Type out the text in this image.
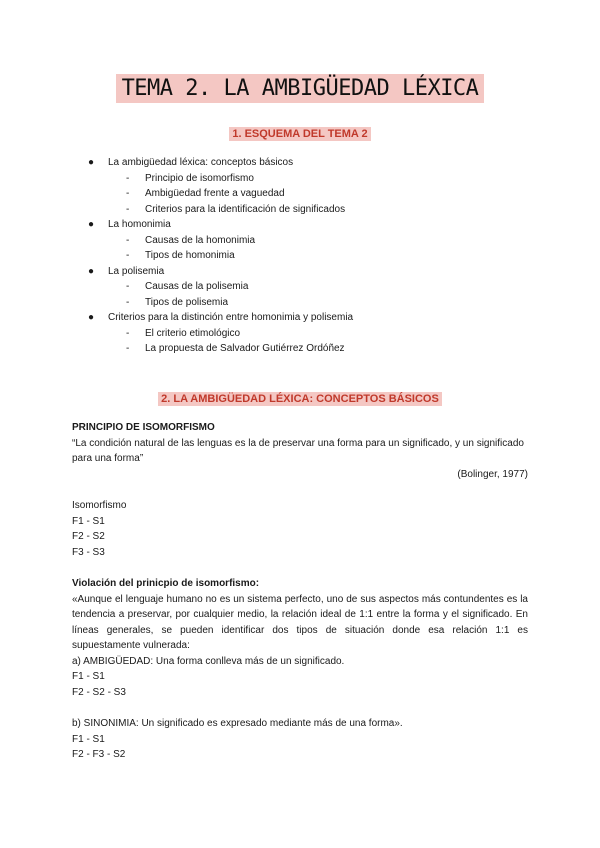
TEMA 2. LA AMBIGÜEDAD LÉXICA
1. ESQUEMA DEL TEMA 2
● La ambigüedad léxica: conceptos básicos
- Principio de isomorfismo
- Ambigüedad frente a vaguedad
- Criterios para la identificación de significados
● La homonimia
- Causas de la homonimia
- Tipos de homonimia
● La polisemia
- Causas de la polisemia
- Tipos de polisemia
● Criterios para la distinción entre homonimia y polisemia
- El criterio etimológico
- La propuesta de Salvador Gutiérrez Ordóñez
2. LA AMBIGÜEDAD LÉXICA: CONCEPTOS BÁSICOS
PRINCIPIO DE ISOMORFISMO
“La condición natural de las lenguas es la de preservar una forma para un significado, y un significado para una forma”
(Bolinger, 1977)
Isomorfismo
F1 - S1
F2 - S2
F3 - S3
Violación del prinicpio de isomorfismo:
«Aunque el lenguaje humano no es un sistema perfecto, uno de sus aspectos más contundentes es la tendencia a preservar, por cualquier medio, la relación ideal de 1:1 entre la forma y el significado. En líneas generales, se pueden identificar dos tipos de situación donde esa relación 1:1 es supuestamente vulnerada:
a) AMBIGÜEDAD: Una forma conlleva más de un significado.
F1 - S1
F2 - S2 - S3
b) SINONIMIA: Un significado es expresado mediante más de una forma».
F1 - S1
F2 - F3 - S2
